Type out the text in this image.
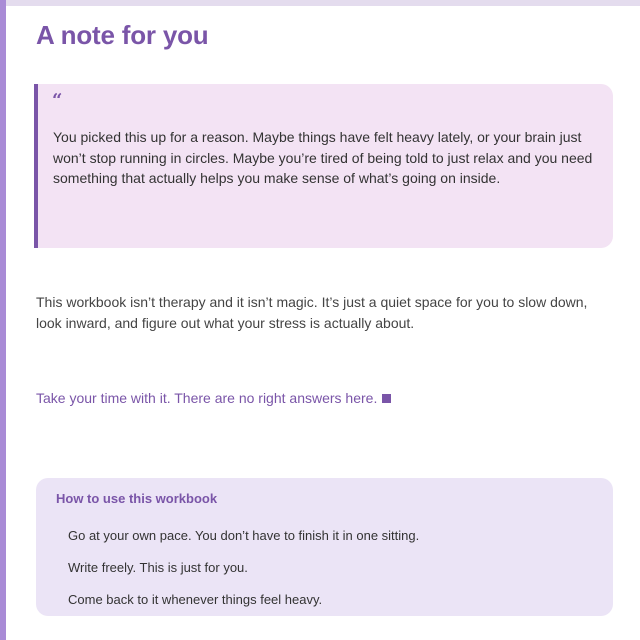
A note for you
“
You picked this up for a reason. Maybe things have felt heavy lately, or your brain just won’t stop running in circles. Maybe you’re tired of being told to just relax and you need something that actually helps you make sense of what’s going on inside.

This workbook isn’t therapy and it isn’t magic. It’s just a quiet space for you to slow down, look inward, and figure out what your stress is actually about.

Take your time with it. There are no right answers here.
How to use this workbook
Go at your own pace. You don’t have to finish it in one sitting.
Write freely. This is just for you.
Come back to it whenever things feel heavy.
